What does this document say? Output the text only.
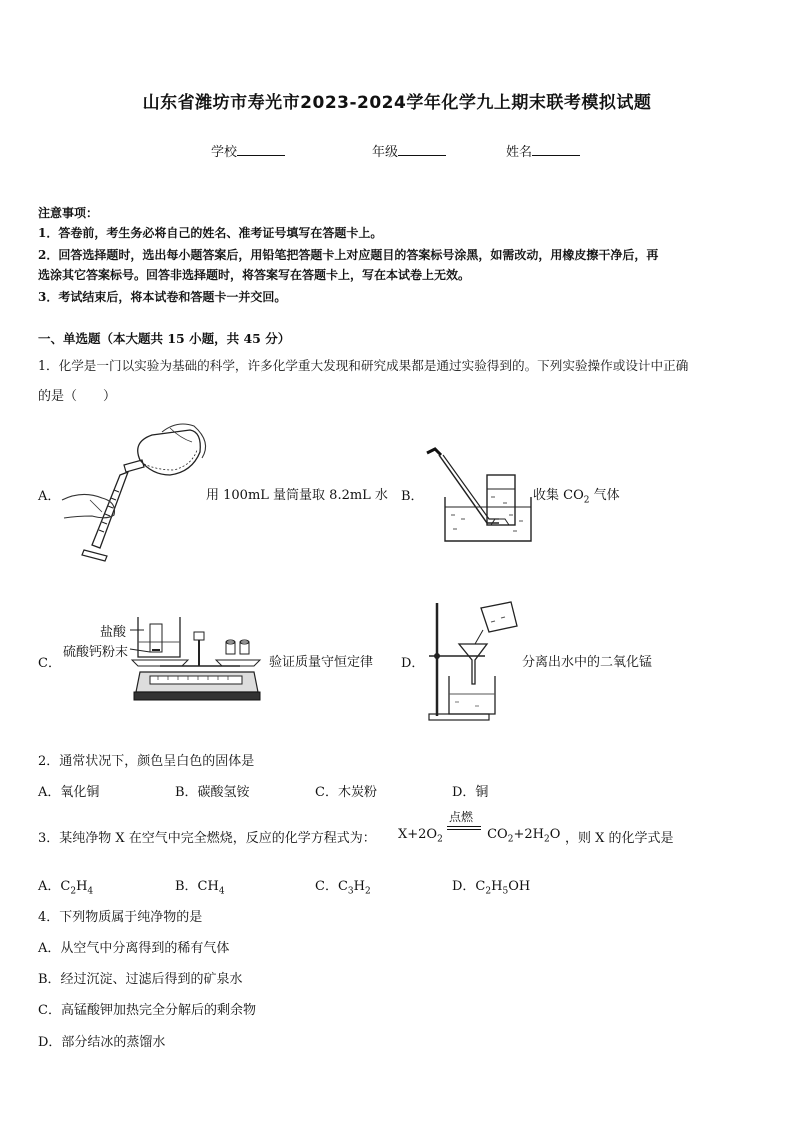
山东省潍坊市寿光市2023-2024学年化学九上期末联考模拟试题
学校	年级	姓名
注意事项：
1．答卷前，考生务必将自己的姓名、准考证号填写在答题卡上。
2．回答选择题时，选出每小题答案后，用铅笔把答题卡上对应题目的答案标号涂黑，如需改动，用橡皮擦干净后，再
选涂其它答案标号。回答非选择题时，将答案写在答题卡上，写在本试卷上无效。
3．考试结束后，将本试卷和答题卡一并交回。
一、单选题（本大题共 15 小题，共 45 分）
1．化学是一门以实验为基础的科学，许多化学重大发现和研究成果都是通过实验得到的。下列实验操作或设计中正确
的是（　　）
A．	用 100mL 量筒量取 8.2mL 水 B．	收集 $CO_2$ 气体
C．
盐酸
硫酸钙粉末
验证质量守恒定律 D．	分离出水中的二氧化锰
2．通常状况下，颜色呈白色的固体是
A．氧化铜	B．碳酸氢铵	C．木炭粉	D．铜
3．某纯净物 X 在空气中完全燃烧，反应的化学方程式为： $X+2O_2$
点燃
$CO_2+2H_2O$ ，则 X 的化学式是
A．$C_2H_4$	B．$CH_4$	C．$C_3H_2$	D．$C_2H_5OH$
4．下列物质属于纯净物的是
A．从空气中分离得到的稀有气体
B．经过沉淀、过滤后得到的矿泉水
C．高锰酸钾加热完全分解后的剩余物
D．部分结冰的蒸馏水
